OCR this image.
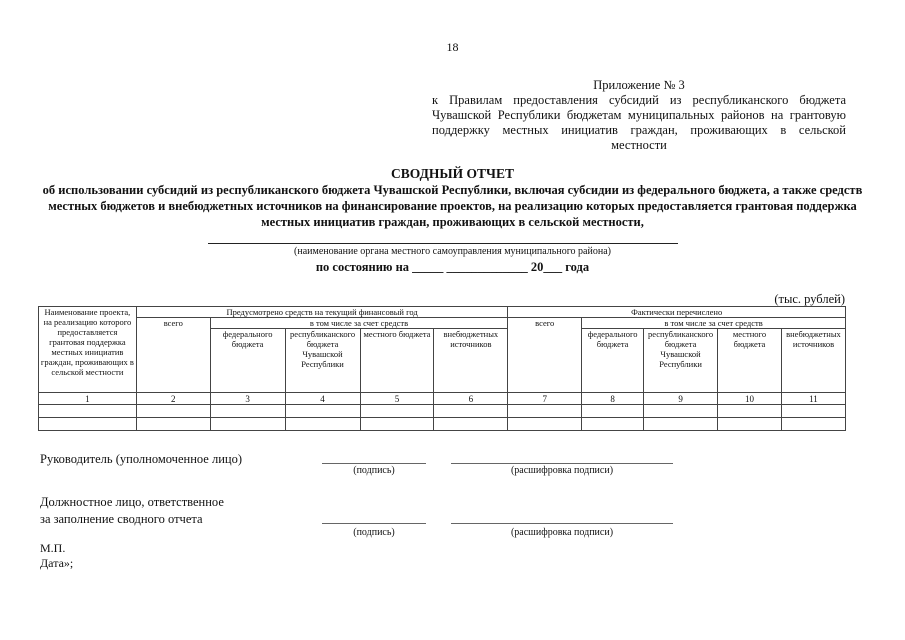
18
Приложение № 3
к Правилам предоставления субсидий из республиканского бюджета Чувашской Республики бюджетам муниципальных районов на грантовую поддержку местных инициатив граждан, проживающих в сельской местности
СВОДНЫЙ ОТЧЕТ
об использовании субсидий из республиканского бюджета Чувашской Республики, включая субсидии из федерального бюджета, а также средств местных бюджетов и внебюджетных источников на финансирование проектов, на реализацию которых предоставляется грантовая поддержка местных инициатив граждан, проживающих в сельской местности,
(наименование органа местного самоуправления муниципального района)
по состоянию на _____ _____________ 20___ года
(тыс. рублей)
Наименование проекта, на реализацию которого предоставляется грантовая поддержка местных инициатив граждан, проживающих в сельской местности	Предусмотрено средств на текущий финансовый год					Фактически перечислено				
	всего	в том числе за счет средств				всего	в том числе за счет средств			
		федерального бюджета	республиканского бюджета Чувашской Республики	местного бюджета	внебюджетных источников		федерального бюджета	республиканского бюджета Чувашской Республики	местного бюджета	внебюджетных источников
1	2	3	4	5	6	7	8	9	10	11

Руководитель (уполномоченное лицо)
(подпись)	(расшифровка подписи)
Должностное лицо, ответственное
за заполнение сводного отчета
(подпись)	(расшифровка подписи)
М.П.
Дата»;
